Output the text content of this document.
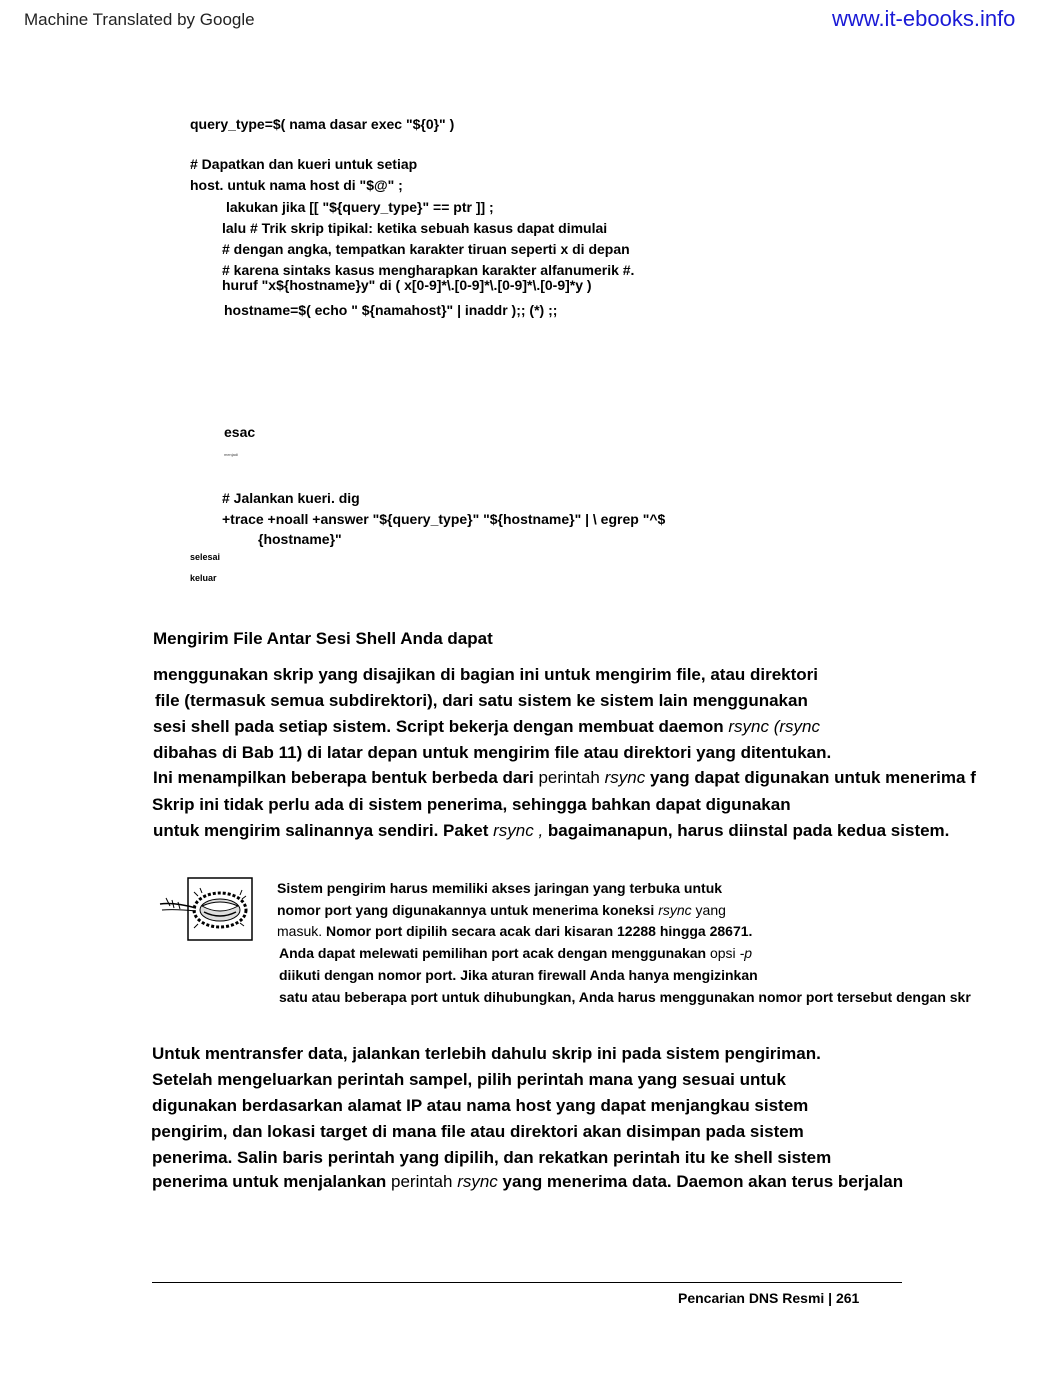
Machine Translated by Google	www.it-ebooks.info
query_type=$( nama dasar exec "${0}" )
# Dapatkan dan kueri untuk setiap
host. untuk nama host di "$@" ;
lakukan jika [[ "${query_type}" == ptr ]] ;
lalu # Trik skrip tipikal: ketika sebuah kasus dapat dimulai
# dengan angka, tempatkan karakter tiruan seperti x di depan
# karena sintaks kasus mengharapkan karakter alfanumerik #.
huruf "x${hostname}y" di ( x[0-9]*\.[0-9]*\.[0-9]*\.[0-9]*y )
hostname=$( echo " ${namahost}" | inaddr );; (*) ;;
esac
menjadi
# Jalankan kueri. dig
+trace +noall +answer "${query_type}" "${hostname}" | \ egrep "^$
{hostname}"
selesai
keluar
Mengirim File Antar Sesi Shell Anda dapat
menggunakan skrip yang disajikan di bagian ini untuk mengirim file, atau direktori
file (termasuk semua subdirektori), dari satu sistem ke sistem lain menggunakan
sesi shell pada setiap sistem. Script bekerja dengan membuat daemon rsync (rsync
dibahas di Bab 11) di latar depan untuk mengirim file atau direktori yang ditentukan.
Ini menampilkan beberapa bentuk berbeda dari perintah rsync yang dapat digunakan untuk menerima f
Skrip ini tidak perlu ada di sistem penerima, sehingga bahkan dapat digunakan
untuk mengirim salinannya sendiri. Paket rsync , bagaimanapun, harus diinstal pada kedua sistem.
Sistem pengirim harus memiliki akses jaringan yang terbuka untuk
nomor port yang digunakannya untuk menerima koneksi rsync yang
masuk. Nomor port dipilih secara acak dari kisaran 12288 hingga 28671.
Anda dapat melewati pemilihan port acak dengan menggunakan opsi -p
diikuti dengan nomor port. Jika aturan firewall Anda hanya mengizinkan
satu atau beberapa port untuk dihubungkan, Anda harus menggunakan nomor port tersebut dengan skr
Untuk mentransfer data, jalankan terlebih dahulu skrip ini pada sistem pengiriman.
Setelah mengeluarkan perintah sampel, pilih perintah mana yang sesuai untuk
digunakan berdasarkan alamat IP atau nama host yang dapat menjangkau sistem
pengirim, dan lokasi target di mana file atau direktori akan disimpan pada sistem
penerima. Salin baris perintah yang dipilih, dan rekatkan perintah itu ke shell sistem
penerima untuk menjalankan perintah rsync yang menerima data. Daemon akan terus berjalan
Pencarian DNS Resmi | 261
